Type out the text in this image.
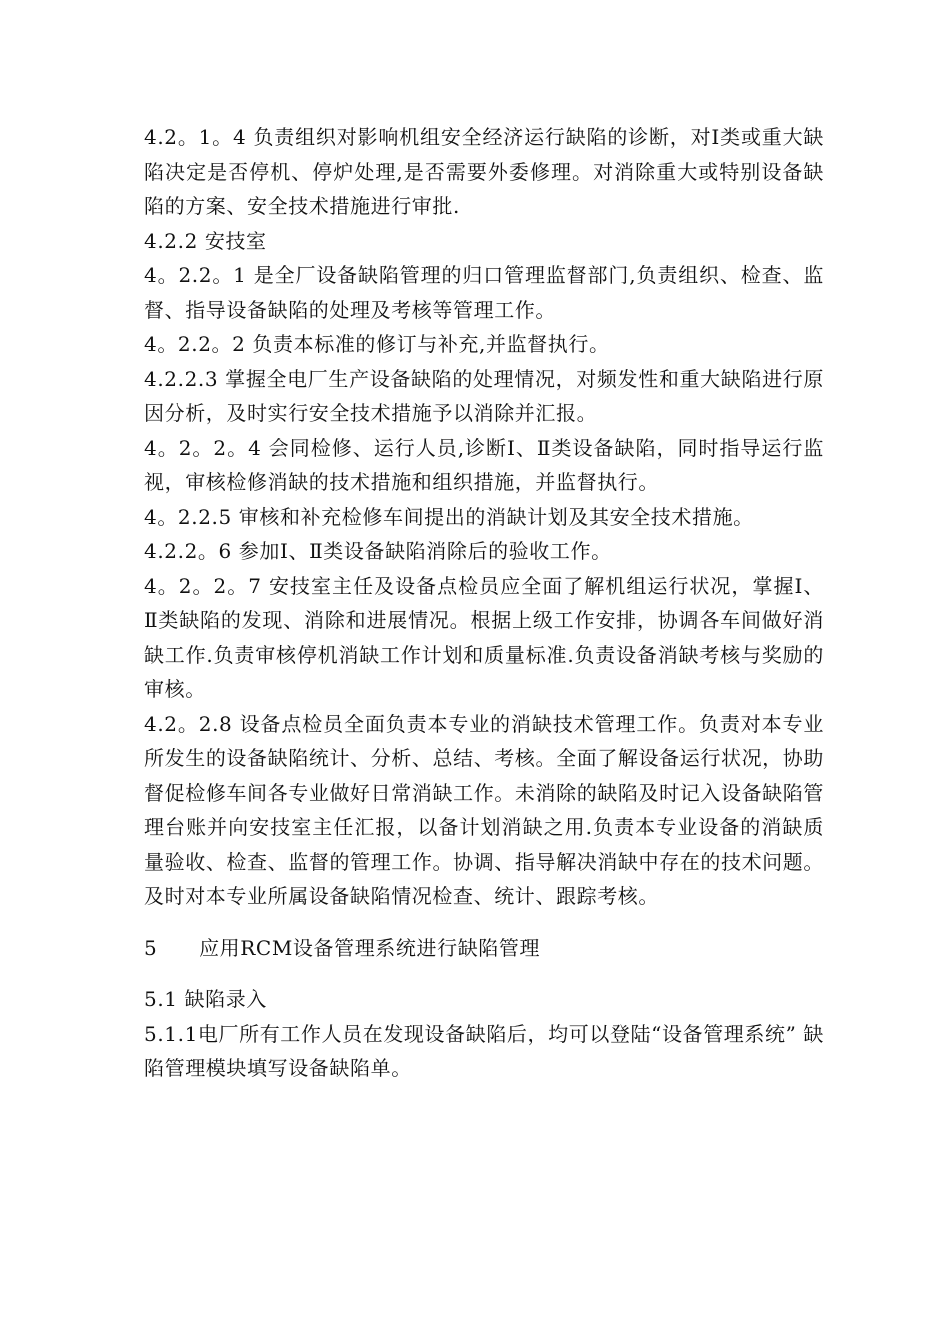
4.2。1。4 负责组织对影响机组安全经济运行缺陷的诊断，对Ⅰ类或重大缺陷决定是否停机、停炉处理,是否需要外委修理。对消除重大或特别设备缺陷的方案、安全技术措施进行审批.

4.2.2 安技室

4。2.2。1 是全厂设备缺陷管理的归口管理监督部门,负责组织、检查、监督、指导设备缺陷的处理及考核等管理工作。

4。2.2。2 负责本标准的修订与补充,并监督执行。

4.2.2.3 掌握全电厂生产设备缺陷的处理情况，对频发性和重大缺陷进行原因分析，及时实行安全技术措施予以消除并汇报。

4。2。2。4 会同检修、运行人员,诊断Ⅰ、Ⅱ类设备缺陷，同时指导运行监视，审核检修消缺的技术措施和组织措施，并监督执行。

4。2.2.5 审核和补充检修车间提出的消缺计划及其安全技术措施。

4.2.2。6 参加Ⅰ、Ⅱ类设备缺陷消除后的验收工作。

4。2。2。7 安技室主任及设备点检员应全面了解机组运行状况，掌握Ⅰ、Ⅱ类缺陷的发现、消除和进展情况。根据上级工作安排，协调各车间做好消缺工作.负责审核停机消缺工作计划和质量标准.负责设备消缺考核与奖励的审核。

4.2。2.8 设备点检员全面负责本专业的消缺技术管理工作。负责对本专业所发生的设备缺陷统计、分析、总结、考核。全面了解设备运行状况，协助督促检修车间各专业做好日常消缺工作。未消除的缺陷及时记入设备缺陷管理台账并向安技室主任汇报，以备计划消缺之用.负责本专业设备的消缺质量验收、检查、监督的管理工作。协调、指导解决消缺中存在的技术问题。及时对本专业所属设备缺陷情况检查、统计、跟踪考核。

5      应用RCM设备管理系统进行缺陷管理

5.1 缺陷录入

5.1.1电厂所有工作人员在发现设备缺陷后，均可以登陆“设备管理系统” 缺陷管理模块填写设备缺陷单。
